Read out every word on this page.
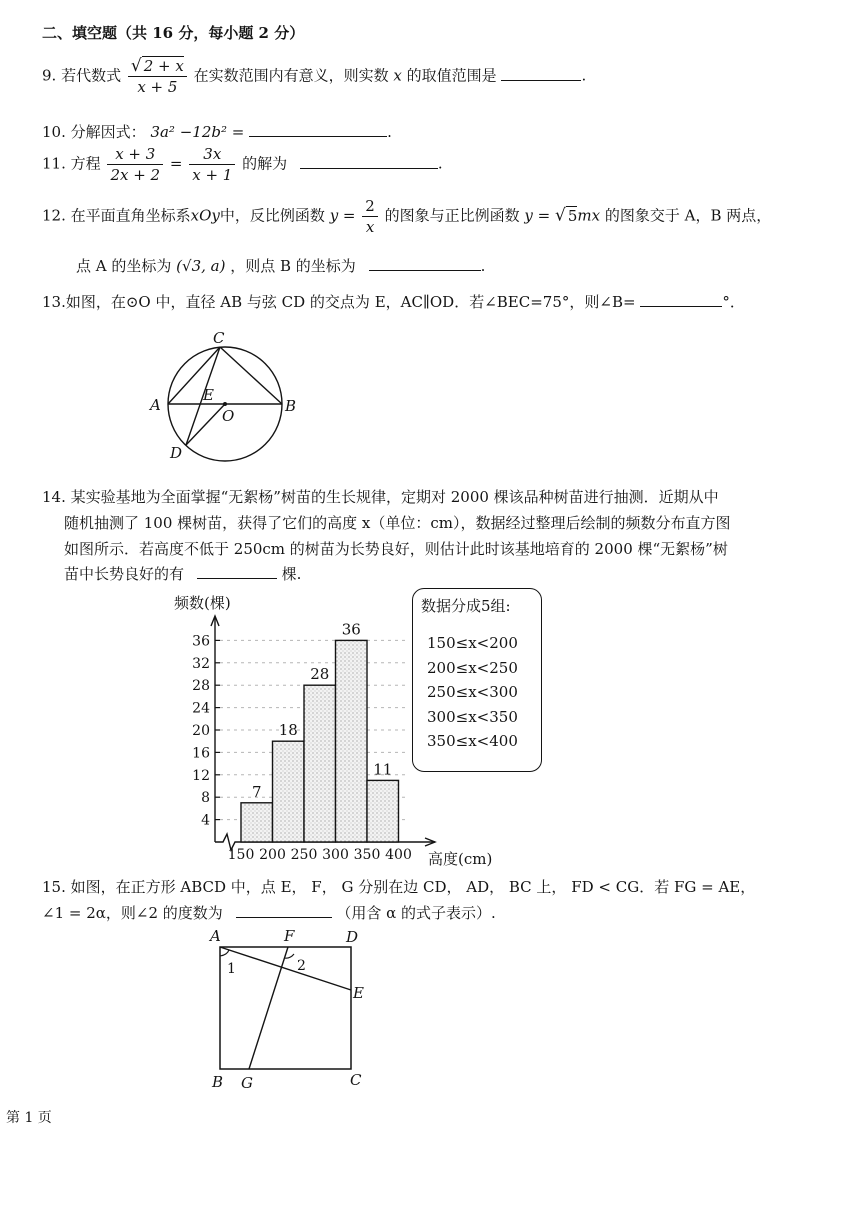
二、填空题（共 16 分，每小题 2 分）
9. 若代数式 $\frac{√ 2 + x}{x + 5}$ 在实数范围内有意义，则实数 x 的取值范围是	.
10. 分解因式： 3a² −12b² =	.
11. 方程 $\frac{x + 3}{2x + 2} = \frac{3x}{x + 1}$ 的解为	.
12. 在平面直角坐标系xOy中，反比例函数 $y = \frac{2}{x}$ 的图象与正比例函数 y = √ 5mx 的图象交于 A，B 两点，
点 A 的坐标为 (√3, a) ，则点 B 的坐标为	.
13.如图，在⊙O 中，直径 AB 与弦 CD 的交点为 E，AC∥OD．若∠BEC=75°，则∠B=	°．
C
A	B
E
O
D
14. 某实验基地为全面掌握“无絮杨”树苗的生长规律，定期对 2000 棵该品种树苗进行抽测．近期从中
随机抽测了 100 棵树苗，获得了它们的高度 x（单位：cm），数据经过整理后绘制的频数分布直方图
如图所示．若高度不低于 250cm 的树苗为长势良好，则估计此时该基地培育的 2000 棵“无絮杨”树
苗中长势良好的有	棵.
频数(棵)
高度(cm)
4
8
12
16
20
24
28
32
36
7
18
28
36
11
150 200 250 300 350 400
数据分成5组:
150≤x<200
200≤x<250
250≤x<300
300≤x<350
350≤x<400
15. 如图，在正方形 ABCD 中，点 E， F， G 分别在边 CD， AD， BC 上， FD < CG．若 FG = AE，
∠1 = 2α，则∠2 的度数为	（用含 α 的式子表示）.
A	F	D
E
B G	C
1	2
第 1 页
